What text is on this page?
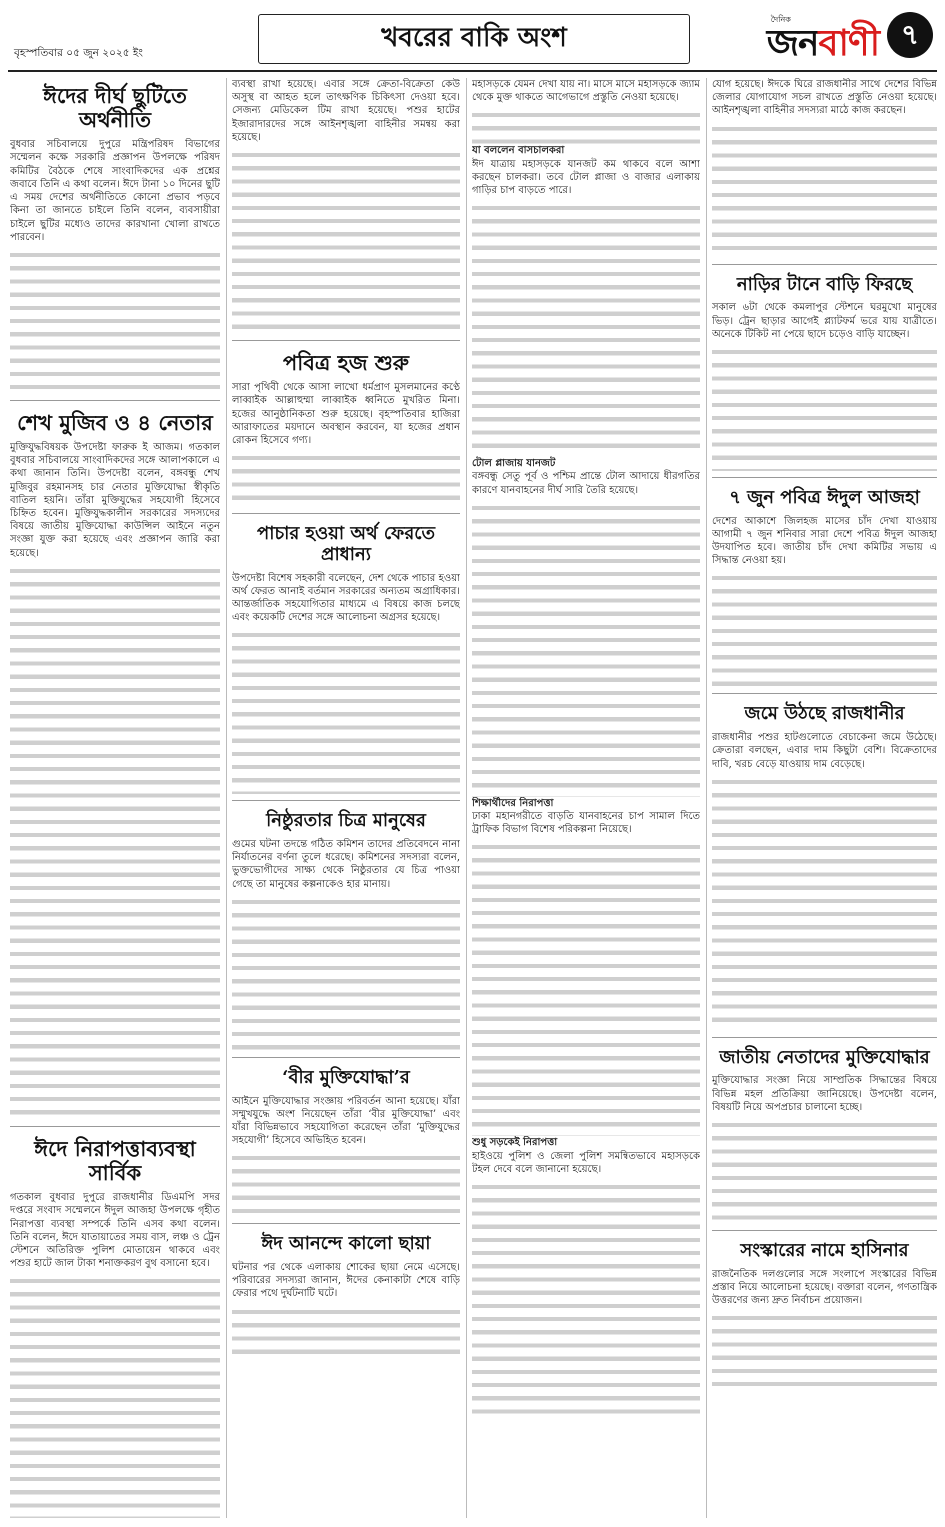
বৃহস্পতিবার ০৫ জুন ২০২৫ ইং	খবরের বাকি অংশ
দৈনিক
জনবাণী ৭
ঈদের দীর্ঘ ছুটিতে অর্থনীতি
বুধবার সচিবালয়ে দুপুরে মন্ত্রিপরিষদ বিভাগের সম্মেলন কক্ষে সরকারি প্রজ্ঞাপন উপলক্ষে পরিষদ কমিটির বৈঠকে শেষে সাংবাদিকদের এক প্রশ্নের জবাবে তিনি এ কথা বলেন। ঈদে টানা ১০ দিনের ছুটি এ সময় দেশের অর্থনীতিতে কোনো প্রভাব পড়বে কিনা তা জানতে চাইলে তিনি বলেন, ব্যবসায়ীরা চাইলে ছুটির মধ্যেও তাদের কারখানা খোলা রাখতে পারবেন।
শেখ মুজিব ও ৪ নেতার
মুক্তিযুদ্ধবিষয়ক উপদেষ্টা ফারুক ই আজম। গতকাল বুধবার সচিবালয়ে সাংবাদিকদের সঙ্গে আলাপকালে এ কথা জানান তিনি। উপদেষ্টা বলেন, বঙ্গবন্ধু শেখ মুজিবুর রহমানসহ চার নেতার মুক্তিযোদ্ধা স্বীকৃতি বাতিল হয়নি। তাঁরা মুক্তিযুদ্ধের সহযোগী হিসেবে চিহ্নিত হবেন। মুক্তিযুদ্ধকালীন সরকারের সদস্যদের বিষয়ে জাতীয় মুক্তিযোদ্ধা কাউন্সিল আইনে নতুন সংজ্ঞা যুক্ত করা হয়েছে এবং প্রজ্ঞাপন জারি করা হয়েছে।
ঈদে নিরাপত্তাব্যবস্থা সার্বিক
গতকাল বুধবার দুপুরে রাজধানীর ডিএমপি সদর দপ্তরে সংবাদ সম্মেলনে ঈদুল আজহা উপলক্ষে গৃহীত নিরাপত্তা ব্যবস্থা সম্পর্কে তিনি এসব কথা বলেন। তিনি বলেন, ঈদে যাতায়াতের সময় বাস, লঞ্চ ও ট্রেন স্টেশনে অতিরিক্ত পুলিশ মোতায়েন থাকবে এবং পশুর হাটে জাল টাকা শনাক্তকরণ বুথ বসানো হবে।
ব্যবস্থা রাখা হয়েছে। এবার সঙ্গে ক্রেতা-বিক্রেতা কেউ অসুস্থ বা আহত হলে তাৎক্ষণিক চিকিৎসা দেওয়া হবে। সেজন্য মেডিকেল টিম রাখা হয়েছে। পশুর হাটের ইজারাদারদের সঙ্গে আইনশৃঙ্খলা বাহিনীর সমন্বয় করা হয়েছে।
পবিত্র হজ শুরু
সারা পৃথিবী থেকে আসা লাখো ধর্মপ্রাণ মুসলমানের কণ্ঠে লাব্বাইক আল্লাহুম্মা লাব্বাইক ধ্বনিতে মুখরিত মিনা। হজের আনুষ্ঠানিকতা শুরু হয়েছে। বৃহস্পতিবার হাজিরা আরাফাতের ময়দানে অবস্থান করবেন, যা হজের প্রধান রোকন হিসেবে গণ্য।
পাচার হওয়া অর্থ ফেরতে প্রাধান্য
উপদেষ্টা বিশেষ সহকারী বলেছেন, দেশ থেকে পাচার হওয়া অর্থ ফেরত আনাই বর্তমান সরকারের অন্যতম অগ্রাধিকার। আন্তর্জাতিক সহযোগিতার মাধ্যমে এ বিষয়ে কাজ চলছে এবং কয়েকটি দেশের সঙ্গে আলোচনা অগ্রসর হয়েছে।
নিষ্ঠুরতার চিত্র মানুষের
গুমের ঘটনা তদন্তে গঠিত কমিশন তাদের প্রতিবেদনে নানা নির্যাতনের বর্ণনা তুলে ধরেছে। কমিশনের সদস্যরা বলেন, ভুক্তভোগীদের সাক্ষ্য থেকে নিষ্ঠুরতার যে চিত্র পাওয়া গেছে তা মানুষের কল্পনাকেও হার মানায়।
‘বীর মুক্তিযোদ্ধা’র
আইনে মুক্তিযোদ্ধার সংজ্ঞায় পরিবর্তন আনা হয়েছে। যাঁরা সম্মুখযুদ্ধে অংশ নিয়েছেন তাঁরা ‘বীর মুক্তিযোদ্ধা’ এবং যাঁরা বিভিন্নভাবে সহযোগিতা করেছেন তাঁরা ‘মুক্তিযুদ্ধের সহযোগী’ হিসেবে অভিহিত হবেন।
ঈদ আনন্দে কালো ছায়া
ঘটনার পর থেকে এলাকায় শোকের ছায়া নেমে এসেছে। পরিবারের সদস্যরা জানান, ঈদের কেনাকাটা শেষে বাড়ি ফেরার পথে দুর্ঘটনাটি ঘটে।
মহাসড়কে যেমন দেখা যায় না। মাসে মাসে মহাসড়কে জ্যাম থেকে মুক্ত থাকতে আগেভাগে প্রস্তুতি নেওয়া হয়েছে।
যা বললেন বাসচালকরা
ঈদ যাত্রায় মহাসড়কে যানজট কম থাকবে বলে আশা করছেন চালকরা। তবে টোল প্লাজা ও বাজার এলাকায় গাড়ির চাপ বাড়তে পারে।
টোল প্লাজায় যানজট
বঙ্গবন্ধু সেতু পূর্ব ও পশ্চিম প্রান্তে টোল আদায়ে ধীরগতির কারণে যানবাহনের দীর্ঘ সারি তৈরি হয়েছে।
শিক্ষার্থীদের নিরাপত্তা
ঢাকা মহানগরীতে বাড়তি যানবাহনের চাপ সামাল দিতে ট্রাফিক বিভাগ বিশেষ পরিকল্পনা নিয়েছে।
শুধু সড়কেই নিরাপত্তা
হাইওয়ে পুলিশ ও জেলা পুলিশ সমন্বিতভাবে মহাসড়কে টহল দেবে বলে জানানো হয়েছে।
যোগ হয়েছে। ঈদকে ঘিরে রাজধানীর সাথে দেশের বিভিন্ন জেলার যোগাযোগ সচল রাখতে প্রস্তুতি নেওয়া হয়েছে। আইনশৃঙ্খলা বাহিনীর সদস্যরা মাঠে কাজ করছেন।
নাড়ির টানে বাড়ি ফিরছে
সকাল ৬টা থেকে কমলাপুর স্টেশনে ঘরমুখো মানুষের ভিড়। ট্রেন ছাড়ার আগেই প্ল্যাটফর্ম ভরে যায় যাত্রীতে। অনেকে টিকিট না পেয়ে ছাদে চড়েও বাড়ি যাচ্ছেন।
৭ জুন পবিত্র ঈদুল আজহা
দেশের আকাশে জিলহজ মাসের চাঁদ দেখা যাওয়ায় আগামী ৭ জুন শনিবার সারা দেশে পবিত্র ঈদুল আজহা উদযাপিত হবে। জাতীয় চাঁদ দেখা কমিটির সভায় এ সিদ্ধান্ত নেওয়া হয়।
জমে উঠছে রাজধানীর
রাজধানীর পশুর হাটগুলোতে বেচাকেনা জমে উঠেছে। ক্রেতারা বলছেন, এবার দাম কিছুটা বেশি। বিক্রেতাদের দাবি, খরচ বেড়ে যাওয়ায় দাম বেড়েছে।
জাতীয় নেতাদের মুক্তিযোদ্ধার
মুক্তিযোদ্ধার সংজ্ঞা নিয়ে সাম্প্রতিক সিদ্ধান্তের বিষয়ে বিভিন্ন মহল প্রতিক্রিয়া জানিয়েছে। উপদেষ্টা বলেন, বিষয়টি নিয়ে অপপ্রচার চালানো হচ্ছে।
সংস্কারের নামে হাসিনার
রাজনৈতিক দলগুলোর সঙ্গে সংলাপে সংস্কারের বিভিন্ন প্রস্তাব নিয়ে আলোচনা হয়েছে। বক্তারা বলেন, গণতান্ত্রিক উত্তরণের জন্য দ্রুত নির্বাচন প্রয়োজন।
